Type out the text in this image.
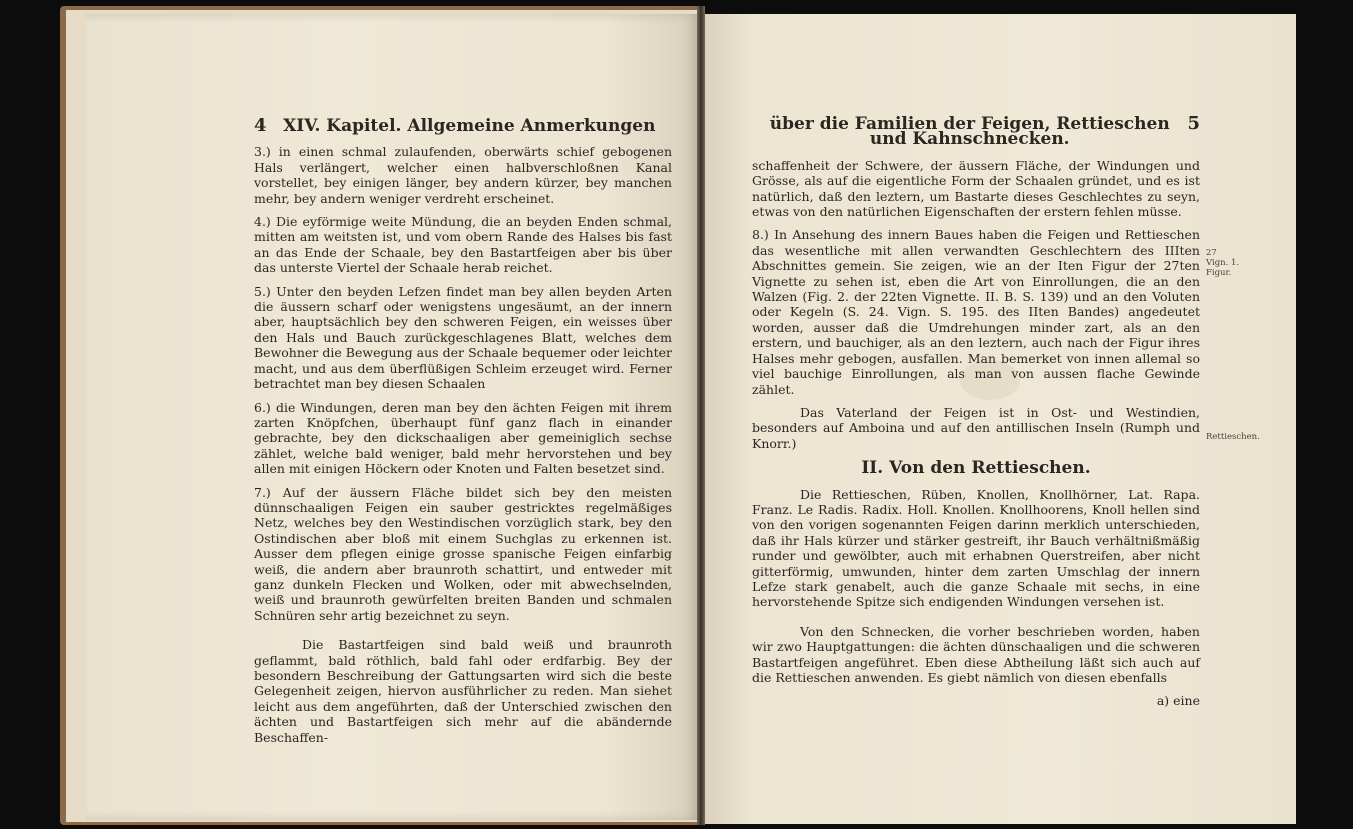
4 XIV. Kapitel. Allgemeine Anmerkungen

3.) in einen schmal zulaufenden, oberwärts schief gebogenen Hals verlängert, welcher einen halbverschloßnen Kanal vorstellet, bey einigen länger, bey andern kürzer, bey manchen mehr, bey andern weniger verdreht erscheinet.

4.) Die eyförmige weite Mündung, die an beyden Enden schmal, mitten am weitsten ist, und vom obern Rande des Halses bis fast an das Ende der Schaale, bey den Bastartfeigen aber bis über das unterste Viertel der Schaale herab reichet.

5.) Unter den beyden Lefzen findet man bey allen beyden Arten die äussern scharf oder wenigstens ungesäumt, an der innern aber, hauptsächlich bey den schweren Feigen, ein weisses über den Hals und Bauch zurückgeschlagenes Blatt, welches dem Bewohner die Bewegung aus der Schaale bequemer oder leichter macht, und aus dem überflüßigen Schleim erzeuget wird. Ferner betrachtet man bey diesen Schaalen

6.) die Windungen, deren man bey den ächten Feigen mit ihrem zarten Knöpfchen, überhaupt fünf ganz flach in einander gebrachte, bey den dickschaaligen aber gemeiniglich sechse zählet, welche bald weniger, bald mehr hervorstehen und bey allen mit einigen Höckern oder Knoten und Falten besetzet sind.

7.) Auf der äussern Fläche bildet sich bey den meisten dünnschaaligen Feigen ein sauber gestricktes regelmäßiges Netz, welches bey den Westindischen vorzüglich stark, bey den Ostindischen aber bloß mit einem Suchglas zu erkennen ist. Ausser dem pflegen einige grosse spanische Feigen einfarbig weiß, die andern aber braunroth schattirt, und entweder mit ganz dunkeln Flecken und Wolken, oder mit abwechselnden, weiß und braunroth gewürfelten breiten Banden und schmalen Schnüren sehr artig bezeichnet zu seyn.

Die Bastartfeigen sind bald weiß und braunroth geflammt, bald röthlich, bald fahl oder erdfarbig. Bey der besondern Beschreibung der Gattungsarten wird sich die beste Gelegenheit zeigen, hiervon ausführlicher zu reden. Man siehet leicht aus dem angeführten, daß der Unterschied zwischen den ächten und Bastartfeigen sich mehr auf die abändernde Beschaffen-

über die Familien der Feigen, Rettieschen und Kahnschnecken.
5

schaffenheit der Schwere, der äussern Fläche, der Windungen und Grösse, als auf die eigentliche Form der Schaalen gründet, und es ist natürlich, daß den leztern, um Bastarte dieses Geschlechtes zu seyn, etwas von den natürlichen Eigenschaften der erstern fehlen müsse.

8.) In Ansehung des innern Baues haben die Feigen und Rettieschen das wesentliche mit allen verwandten Geschlechtern des IIIten Abschnittes gemein. Sie zeigen, wie an der Iten Figur der 27ten Vignette zu sehen ist, eben die Art von Einrollungen, die an den Walzen (Fig. 2. der 22ten Vignette. II. B. S. 139) und an den Voluten oder Kegeln (S. 24. Vign. S. 195. des IIten Bandes) angedeutet worden, ausser daß die Umdrehungen minder zart, als an den erstern, und bauchiger, als an den leztern, auch nach der Figur ihres Halses mehr gebogen, ausfallen. Man bemerket von innen allemal so viel bauchige Einrollungen, als man von aussen flache Gewinde zählet.

Das Vaterland der Feigen ist in Ost- und Westindien, besonders auf Amboina und auf den antillischen Inseln (Rumph und Knorr.)

II. Von den Rettieschen.

Die Rettieschen, Rüben, Knollen, Knollhörner, Lat. Rapa. Franz. Le Radis. Radix. Holl. Knollen. Knollhoorens, Knoll hellen sind von den vorigen sogenannten Feigen darinn merklich unterschieden, daß ihr Hals kürzer und stärker gestreift, ihr Bauch verhältnißmäßig runder und gewölbter, auch mit erhabnen Querstreifen, aber nicht gitterförmig, umwunden, hinter dem zarten Umschlag der innern Lefze stark genabelt, auch die ganze Schaale mit sechs, in eine hervorstehende Spitze sich endigenden Windungen versehen ist.

Von den Schnecken, die vorher beschrieben worden, haben wir zwo Hauptgattungen: die ächten dünschaaligen und die schweren Bastartfeigen angeführet. Eben diese Abtheilung läßt sich auch auf die Rettieschen anwenden. Es giebt nämlich von diesen ebenfalls

a) eine
27 Vign. 1. Figur.
Rettieschen.
